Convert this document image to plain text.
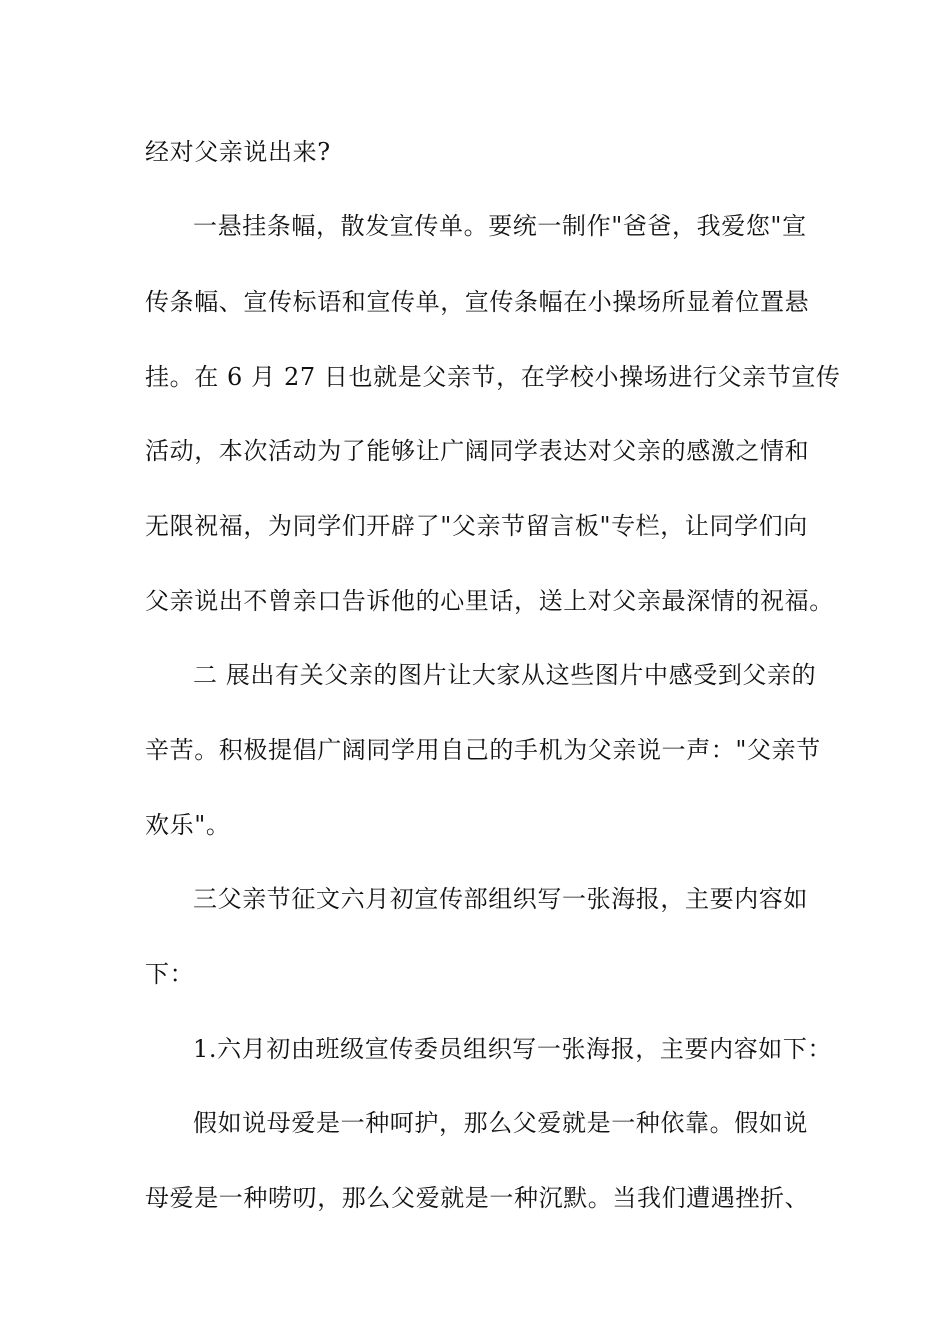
经对父亲说出来?
一悬挂条幅，散发宣传单。要统一制作"爸爸，我爱您"宣
传条幅、宣传标语和宣传单，宣传条幅在小操场所显着位置悬
挂。在 6 月 27 日也就是父亲节，在学校小操场进行父亲节宣传
活动，本次活动为了能够让广阔同学表达对父亲的感激之情和
无限祝福，为同学们开辟了"父亲节留言板"专栏，让同学们向
父亲说出不曾亲口告诉他的心里话，送上对父亲最深情的祝福。
二 展出有关父亲的图片让大家从这些图片中感受到父亲的
辛苦。积极提倡广阔同学用自己的手机为父亲说一声："父亲节
欢乐"。
三父亲节征文六月初宣传部组织写一张海报，主要内容如
下：
1.六月初由班级宣传委员组织写一张海报，主要内容如下：
假如说母爱是一种呵护，那么父爱就是一种依靠。假如说
母爱是一种唠叨，那么父爱就是一种沉默。当我们遭遇挫折、
